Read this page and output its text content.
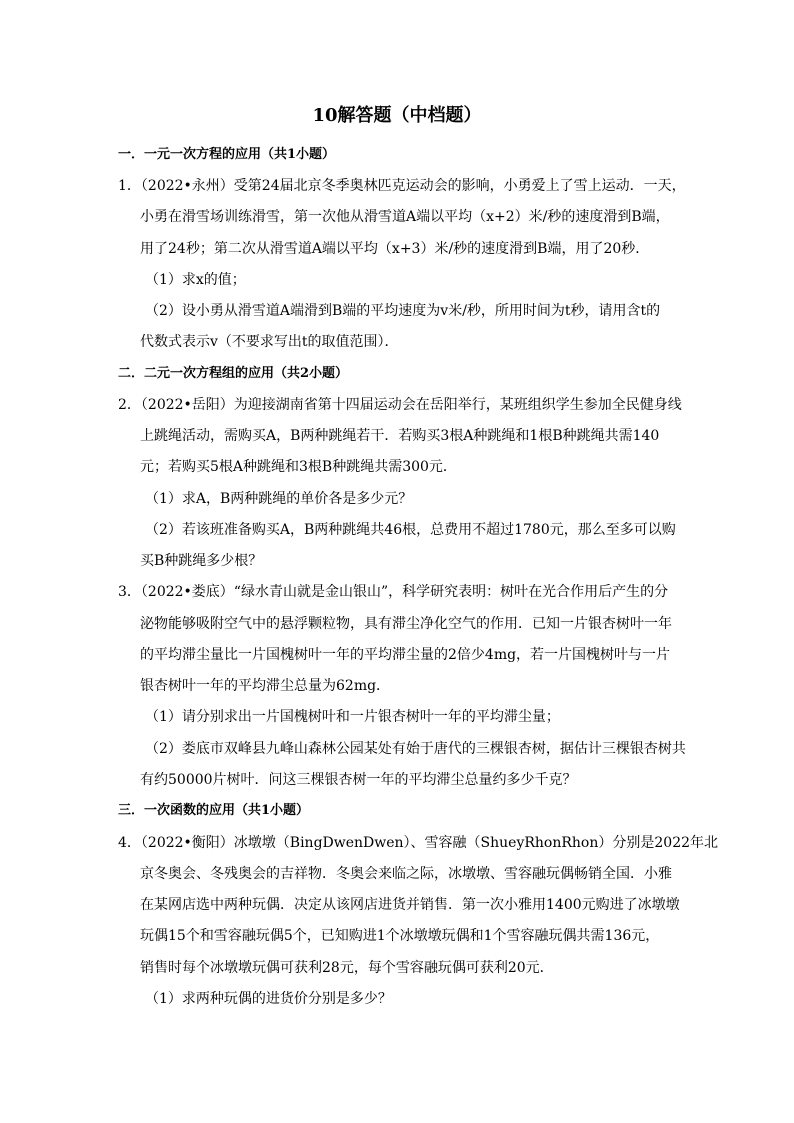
10解答题（中档题）
一．一元一次方程的应用（共1小题）
1．（2022•永州）受第24届北京冬季奥林匹克运动会的影响，小勇爱上了雪上运动．一天，
小勇在滑雪场训练滑雪，第一次他从滑雪道A端以平均（x+2）米/秒的速度滑到B端，
用了24秒；第二次从滑雪道A端以平均（x+3）米/秒的速度滑到B端，用了20秒．
（1）求x的值；
（2）设小勇从滑雪道A端滑到B端的平均速度为v米/秒，所用时间为t秒，请用含t的
代数式表示v（不要求写出t的取值范围）．
二．二元一次方程组的应用（共2小题）
2．（2022•岳阳）为迎接湖南省第十四届运动会在岳阳举行，某班组织学生参加全民健身线
上跳绳活动，需购买A，B两种跳绳若干．若购买3根A种跳绳和1根B种跳绳共需140
元；若购买5根A种跳绳和3根B种跳绳共需300元．
（1）求A，B两种跳绳的单价各是多少元？
（2）若该班准备购买A，B两种跳绳共46根，总费用不超过1780元，那么至多可以购
买B种跳绳多少根？
3．（2022•娄底）“绿水青山就是金山银山”，科学研究表明：树叶在光合作用后产生的分
泌物能够吸附空气中的悬浮颗粒物，具有滞尘净化空气的作用．已知一片银杏树叶一年
的平均滞尘量比一片国槐树叶一年的平均滞尘量的2倍少4mg，若一片国槐树叶与一片
银杏树叶一年的平均滞尘总量为62mg．
（1）请分别求出一片国槐树叶和一片银杏树叶一年的平均滞尘量；
（2）娄底市双峰县九峰山森林公园某处有始于唐代的三棵银杏树，据估计三棵银杏树共
有约50000片树叶．问这三棵银杏树一年的平均滞尘总量约多少千克？
三．一次函数的应用（共1小题）
4．（2022•衡阳）冰墩墩（BingDwenDwen）、雪容融（ShueyRhonRhon）分别是2022年北
京冬奥会、冬残奥会的吉祥物．冬奥会来临之际，冰墩墩、雪容融玩偶畅销全国．小雅
在某网店选中两种玩偶．决定从该网店进货并销售．第一次小雅用1400元购进了冰墩墩
玩偶15个和雪容融玩偶5个，已知购进1个冰墩墩玩偶和1个雪容融玩偶共需136元，
销售时每个冰墩墩玩偶可获利28元，每个雪容融玩偶可获利20元．
（1）求两种玩偶的进货价分别是多少？
